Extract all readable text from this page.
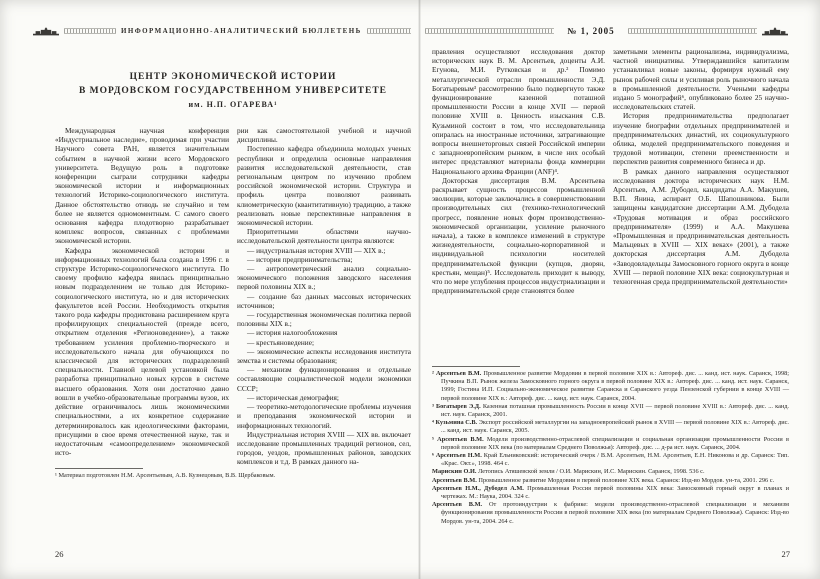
ИНФОРМАЦИОННО-АНАЛИТИЧЕСКИЙ БЮЛЛЕТЕНЬ	№ 1, 2005
ЦЕНТР ЭКОНОМИЧЕСКОЙ ИСТОРИИ
В МОРДОВСКОМ ГОСУДАРСТВЕННОМ УНИВЕРСИТЕТЕ
им. Н.П. ОГАРЕВА¹

Международная научная конференция «Индустриальное наследие», проводимая при участии Научного совета РАН, является значительным событием в научной жизни всего Мордовского университета. Ведущую роль в подготовке конференции сыграли сотрудники кафедры экономической истории и информационных технологий Историко-социологического института. Данное обстоятельство отнюдь не случайно и тем более не является одномоментным. С самого своего основания кафедра плодотворно разрабатывает комплекс вопросов, связанных с проблемами экономической истории.

Кафедра экономической истории и информационных технологий была создана в 1996 г. в структуре Историко-социологического института. По своему профилю кафедра явилась принципиально новым подразделением не только для Историко-социологического института, но и для исторических факультетов всей России. Необходимость открытия такого рода кафедры продиктована расширением круга профилирующих специальностей (прежде всего, открытием отделения «Регионоведение»), а также требованием усиления проблемно-творческого и исследовательского начала для обучающихся по классической для исторических подразделений специальности. Главной целевой установкой была разработка принципиально новых курсов в системе высшего образования. Хотя они достаточно давно вошли в учебно-образовательные программы вузов, их действие ограничивалось лишь экономическими специальностями, а их конкретное содержание детерминировалось как идеологическими факторами, присущими в свое время отечественной науке, так и недостаточным «самоопределением» экономической исто-

рии как самостоятельной учебной и научной дисциплины.

Постепенно кафедра объединила молодых ученых республики и определила основные направления развития исследовательской деятельности, став региональным центром по изучению проблем российской экономической истории. Структура и профиль центра позволяют развивать клиометрическую (квантитативную) традицию, а также реализовать новые перспективные направления в экономической истории.

Приоритетными областями научно-исследовательской деятельности центра являются:

— индустриальная история XVIII — XIX в.;

— история предпринимательства;

— антропометрический анализ социально-экономического положения заводского населения первой половины XIX в.;

— создание баз данных массовых исторических источников;

— государственная экономическая политика первой половины XIX в.;

— история налогообложения

— крестьяноведение;

— экономические аспекты исследования института земства и системы образования;

— механизм функционирования и отдельные составляющие социалистической модели экономики СССР;

— историческая демография;

— теоретико-методологические проблемы изучения и преподавания экономической истории и информационных технологий.

Индустриальная история XVIII — XIX вв. включает исследование промышленных традиций регионов, сел, городов, уездов, промышленных районов, заводских комплексов и т.д. В рамках данного на-

¹ Материал подготовлен Н.М. Арсентьевым, А.В. Кузнецовым, В.В. Щербаковым.

26

правления осуществляют исследования доктор исторических наук В. М. Арсентьев, доценты А.И. Егунова, М.И. Рутковская и др.² Помимо металлургической отрасли промышленности Э.Д. Богатыревым³ рассмотрению было подвергнуто также функционирование казенной поташной промышленности России в конце XVII — первой половине XVIII в. Ценность изыскания С.В. Кузьминой состоит в том, что исследовательница опиралась на иностранные источники, затрагивающие вопросы внешнеторговых связей Российской империи с западноевропейским рынком, в числе них особый интерес представляют материалы фонда коммерции Национального архива Франции (ANF)⁴.

Докторская диссертация В.М. Арсентьева раскрывает сущность процессов промышленной эволюции, которые заключались в совершенствовании производительных сил (технико-технологический прогресс, появление новых форм производственно-экономической организации, усиление рыночного начала), а также в комплексе изменений в структуре жизнедеятельности, социально-корпоративной и индивидуальной психологии носителей предпринимательской функции (купцов, дворян, крестьян, мещан)⁵. Исследователь приходит к выводу, что по мере углубления процессов индустриализации и предпринимательской среде становятся более

заметными элементы рационализма, индивидуализма, частной инициативы. Утверждавшийся капитализм устанавливал новые законы, формируя нужный ему рынок рабочей силы и усиливая роль рыночного начала в промышленной деятельности. Учеными кафедры издано 5 монографий⁶, опубликовано более 25 научно-исследовательских статей.

История предпринимательства предполагает изучение биографии отдельных предпринимателей и предпринимательских династий, их социокультурного облика, моделей предпринимательского поведения и трудовой мотивации, степени преемственности и перспектив развития современного бизнеса и др.

В рамках данного направления осуществляют исследования доктора исторических наук Н.М. Арсентьев, А.М. Дубодел, кандидаты А.А. Макушев, В.П. Янина, аспирант О.Б. Шапошникова. Были защищены кандидатские диссертации А.М. Дубодела «Трудовая мотивация и образ российского предпринимателя» (1999) и А.А. Макушева «Промышленная и предпринимательская деятельность Мальцевых в XVIII — XIX веках» (2001), а также докторская диссертация А.М. Дубодела «Заводовладельцы Замосковного горного округа в конце XVIII — первой половине XIX века: социокультурная и техногенная среда предпринимательской деятельности»

² Арсентьев В.М. Промышленное развитие Мордовии в первой половине XIX в.: Автореф. дис. ... канд. ист. наук. Саранск, 1998; Пучкина В.П. Рынок железа Замосковного горного округа в первой половине XIX в.: Автореф. дис. ... канд. ист. наук. Саранск, 1999; Гостина И.П. Социально-экономическое развитие Саранска и Саранского уезда Пензенской губернии в конце XVIII — первой половине XIX в.: Автореф. дис. ... канд. ист. наук. Саранск, 2004.

³ Богатырев Э.Д. Казенная поташная промышленность России в конце XVII — первой половине XVIII в.: Автореф. дис. ... канд. ист. наук. Саранск, 2001.

⁴ Кузьмина С.В. Экспорт российской металлургии на западноевропейский рынок в XVIII — первой половине XIX в.: Автореф. дис. ... канд. ист. наук. Саранск, 2005.

⁵ Арсентьев В.М. Модели производственно-отраслевой специализации и социальная организация промышленности России в первой половине XIX века (по материалам Среднего Поволжья): Автореф. дис. ... д-ра ист. наук. Саранск, 2004.

⁶ Арсентьев Н.М. Край Ельниковский: исторический очерк / В.М. Арсентьев, Н.М. Арсентьев, Е.Н. Никонова и др. Саранск: Тип. «Крас. Окт.», 1998. 464 с.

Марискин О.И. Летопись Атяшевской земли / О.И. Марискин, И.С. Марискин. Саранск, 1998. 536 с.

Арсентьев В.М. Промышленное развитие Мордовии в первой половине XIX века. Саранск: Изд-во Мордов. ун-та, 2001. 296 с.

Арсентьев Н.М., Дубодел А.М. Промышленная Россия первой половины XIX века: Замосковный горный округ в планах и чертежах. М.: Наука, 2004. 324 с.

Арсентьев В.М. От протоиндустрии к фабрике: модели производственно-отраслевой специализации и механизм функционирования промышленности России в первой половине XIX века (по материалам Среднего Поволжья). Саранск: Изд-во Мордов. ун-та, 2004. 264 с.

27
